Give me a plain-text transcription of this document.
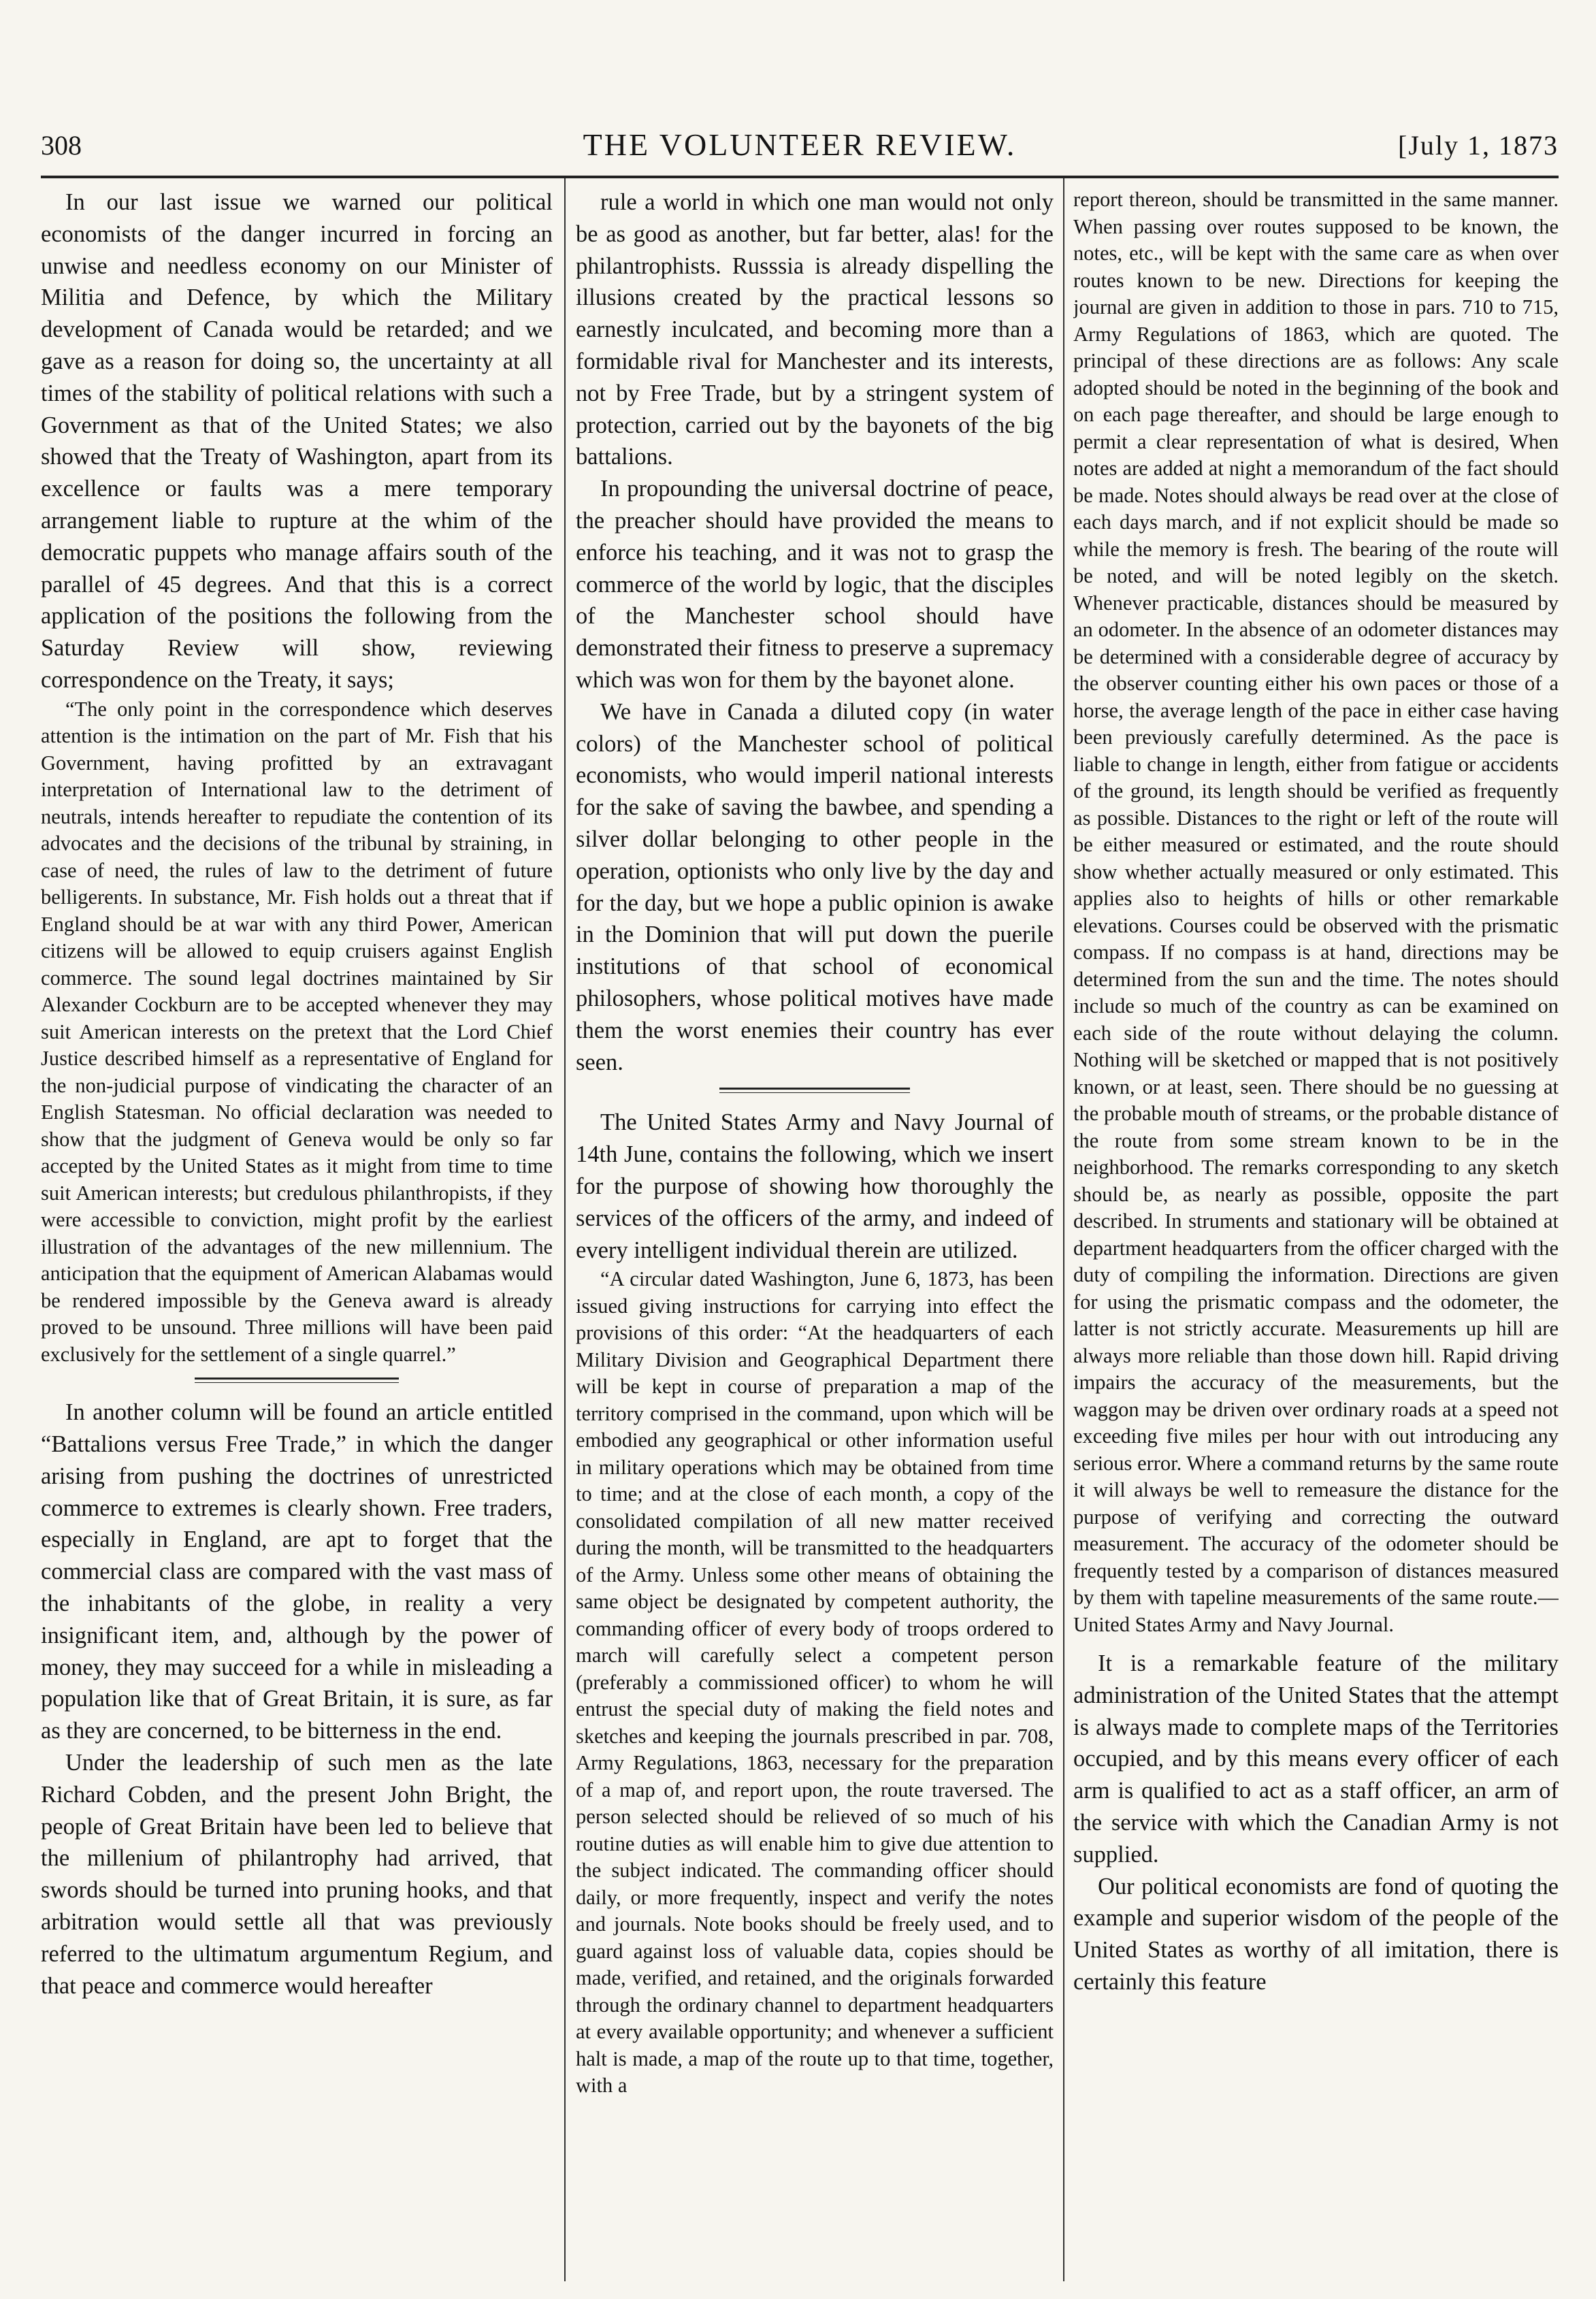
308	THE VOLUNTEER REVIEW.	[July 1, 1873

In our last issue we warned our political economists of the danger incurred in forcing an unwise and needless economy on our Minister of Militia and Defence, by which the Military development of Canada would be retarded; and we gave as a reason for doing so, the uncertainty at all times of the stability of political relations with such a Government as that of the United States; we also showed that the Treaty of Washington, apart from its excellence or faults was a mere temporary arrangement liable to rupture at the whim of the democratic puppets who manage affairs south of the parallel of 45 degrees. And that this is a correct application of the positions the following from the Saturday Review will show, reviewing correspondence on the Treaty, it says;

“The only point in the correspondence which deserves attention is the intimation on the part of Mr. Fish that his Government, having profitted by an extravagant interpretation of International law to the detriment of neutrals, intends hereafter to repudiate the contention of its advocates and the decisions of the tribunal by straining, in case of need, the rules of law to the detriment of future belligerents. In substance, Mr. Fish holds out a threat that if England should be at war with any third Power, American citizens will be allowed to equip cruisers against English commerce. The sound legal doctrines maintained by Sir Alexander Cockburn are to be accepted whenever they may suit American interests on the pretext that the Lord Chief Justice described himself as a representative of England for the non-judicial purpose of vindicating the character of an English Statesman. No official declaration was needed to show that the judgment of Geneva would be only so far accepted by the United States as it might from time to time suit American interests; but credulous philanthropists, if they were accessible to conviction, might profit by the earliest illustration of the advantages of the new millennium. The anticipation that the equipment of American Alabamas would be rendered impossible by the Geneva award is already proved to be unsound. Three millions will have been paid exclusively for the settlement of a single quarrel.”

In another column will be found an article entitled “Battalions versus Free Trade,” in which the danger arising from pushing the doctrines of unrestricted commerce to extremes is clearly shown. Free traders, especially in England, are apt to forget that the commercial class are compared with the vast mass of the inhabitants of the globe, in reality a very insignificant item, and, although by the power of money, they may succeed for a while in misleading a population like that of Great Britain, it is sure, as far as they are concerned, to be bitterness in the end.

Under the leadership of such men as the late Richard Cobden, and the present John Bright, the people of Great Britain have been led to believe that the millenium of philantrophy had arrived, that swords should be turned into pruning hooks, and that arbitration would settle all that was previously referred to the ultimatum argumentum Regium, and that peace and commerce would hereafter

rule a world in which one man would not only be as good as another, but far better, alas! for the philantrophists. Russsia is already dispelling the illusions created by the practical lessons so earnestly inculcated, and becoming more than a formidable rival for Manchester and its interests, not by Free Trade, but by a stringent system of protection, carried out by the bayonets of the big battalions.

In propounding the universal doctrine of peace, the preacher should have provided the means to enforce his teaching, and it was not to grasp the commerce of the world by logic, that the disciples of the Manchester school should have demonstrated their fitness to preserve a supremacy which was won for them by the bayonet alone.

We have in Canada a diluted copy (in water colors) of the Manchester school of political economists, who would imperil national interests for the sake of saving the bawbee, and spending a silver dollar belonging to other people in the operation, optionists who only live by the day and for the day, but we hope a public opinion is awake in the Dominion that will put down the puerile institutions of that school of economical philosophers, whose political motives have made them the worst enemies their country has ever seen.

The United States Army and Navy Journal of 14th June, contains the following, which we insert for the purpose of showing how thoroughly the services of the officers of the army, and indeed of every intelligent individual therein are utilized.

“A circular dated Washington, June 6, 1873, has been issued giving instructions for carrying into effect the provisions of this order: “At the headquarters of each Military Division and Geographical Department there will be kept in course of preparation a map of the territory comprised in the command, upon which will be embodied any geographical or other information useful in military operations which may be obtained from time to time; and at the close of each month, a copy of the consolidated compilation of all new matter received during the month, will be transmitted to the headquarters of the Army. Unless some other means of obtaining the same object be designated by competent authority, the commanding officer of every body of troops ordered to march will carefully select a competent person (preferably a commissioned officer) to whom he will entrust the special duty of making the field notes and sketches and keeping the journals prescribed in par. 708, Army Regulations, 1863, necessary for the preparation of a map of, and report upon, the route traversed. The person selected should be relieved of so much of his routine duties as will enable him to give due attention to the subject indicated. The commanding officer should daily, or more frequently, inspect and verify the notes and journals. Note books should be freely used, and to guard against loss of valuable data, copies should be made, verified, and retained, and the originals forwarded through the ordinary channel to department headquarters at every available opportunity; and whenever a sufficient halt is made, a map of the route up to that time, together, with a

report thereon, should be transmitted in the same manner. When passing over routes supposed to be known, the notes, etc., will be kept with the same care as when over routes known to be new. Directions for keeping the journal are given in addition to those in pars. 710 to 715, Army Regulations of 1863, which are quoted. The principal of these directions are as follows: Any scale adopted should be noted in the beginning of the book and on each page thereafter, and should be large enough to permit a clear representation of what is desired, When notes are added at night a memorandum of the fact should be made. Notes should always be read over at the close of each days march, and if not explicit should be made so while the memory is fresh. The bearing of the route will be noted, and will be noted legibly on the sketch. Whenever practicable, distances should be measured by an odometer. In the absence of an odometer distances may be determined with a considerable degree of accuracy by the observer counting either his own paces or those of a horse, the average length of the pace in either case having been previously carefully determined. As the pace is liable to change in length, either from fatigue or accidents of the ground, its length should be verified as frequently as possible. Distances to the right or left of the route will be either measured or estimated, and the route should show whether actually measured or only estimated. This applies also to heights of hills or other remarkable elevations. Courses could be observed with the prismatic compass. If no compass is at hand, directions may be determined from the sun and the time. The notes should include so much of the country as can be examined on each side of the route without delaying the column. Nothing will be sketched or mapped that is not positively known, or at least, seen. There should be no guessing at the probable mouth of streams, or the probable distance of the route from some stream known to be in the neighborhood. The remarks corresponding to any sketch should be, as nearly as possible, opposite the part described. In struments and stationary will be obtained at department headquarters from the officer charged with the duty of compiling the information. Directions are given for using the prismatic compass and the odometer, the latter is not strictly accurate. Measurements up hill are always more reliable than those down hill. Rapid driving impairs the accuracy of the measurements, but the waggon may be driven over ordinary roads at a speed not exceeding five miles per hour with out introducing any serious error. Where a command returns by the same route it will always be well to remeasure the distance for the purpose of verifying and correcting the outward measurement. The accuracy of the odometer should be frequently tested by a comparison of distances measured by them with tapeline measurements of the same route.—United States Army and Navy Journal.

It is a remarkable feature of the military administration of the United States that the attempt is always made to complete maps of the Territories occupied, and by this means every officer of each arm is qualified to act as a staff officer, an arm of the service with which the Canadian Army is not supplied.

Our political economists are fond of quoting the example and superior wisdom of the people of the United States as worthy of all imitation, there is certainly this feature
